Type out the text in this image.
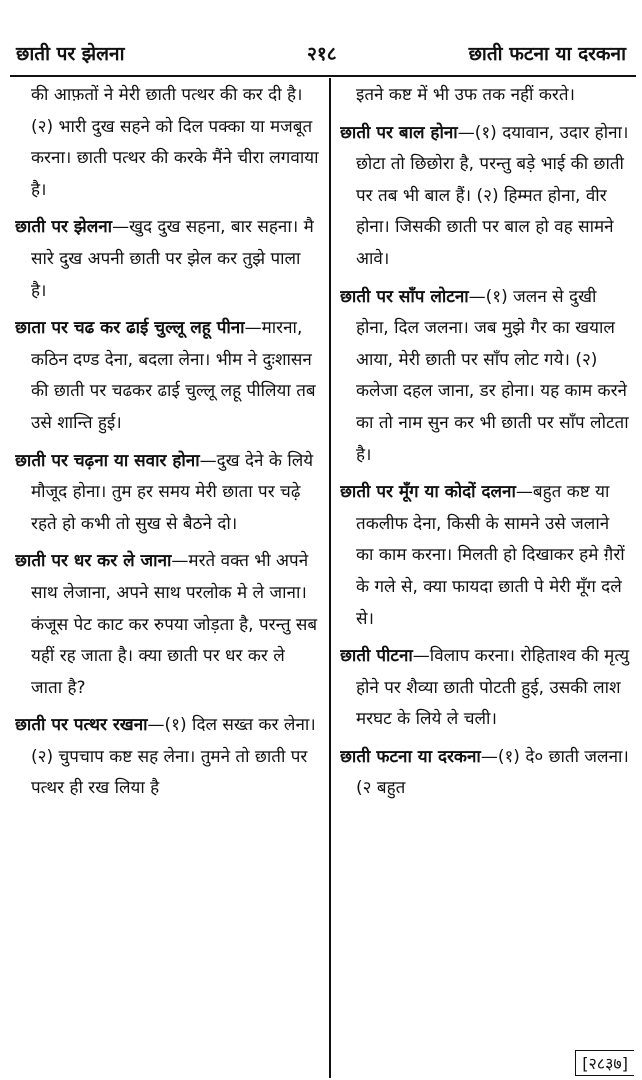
छाती पर झेलना	२१८	छाती फटना या दरकना

की आफ़तों ने मेरी छाती पत्थर की कर दी है। (२) भारी दुख सहने को दिल पक्का या मजबूत करना। छाती पत्थर की करके मैंने चीरा लगवाया है।

छाती पर झेलना—खुद दुख सहना, बार सहना। मै सारे दुख अपनी छाती पर झेल कर तुझे पाला है।

छाता पर चढ कर ढाई चुल्लू लहू पीना—मारना, कठिन दण्ड देना, बदला लेना। भीम ने दुःशासन की छाती पर चढकर ढाई चुल्लू लहू पीलिया तब उसे शान्ति हुई।

छाती पर चढ़ना या सवार होना—दुख देने के लिये मौजूद होना। तुम हर समय मेरी छाता पर चढ़े रहते हो कभी तो सुख से बैठने दो।

छाती पर धर कर ले जाना—मरते वक्त भी अपने साथ लेजाना, अपने साथ परलोक मे ले जाना। कंजूस पेट काट कर रुपया जोड़ता है, परन्तु सब यहीं रह जाता है। क्या छाती पर धर कर ले जाता है?

छाती पर पत्थर रखना—(१) दिल सख्त कर लेना। (२) चुपचाप कष्ट सह लेना। तुमने तो छाती पर पत्थर ही रख लिया है

इतने कष्ट में भी उफ तक नहीं करते।

छाती पर बाल होना—(१) दयावान, उदार होना। छोटा तो छिछोरा है, परन्तु बड़े भाई की छाती पर तब भी बाल हैं। (२) हिम्मत होना, वीर होना। जिसकी छाती पर बाल हो वह सामने आवे।

छाती पर साँप लोटना—(१) जलन से दुखी होना, दिल जलना। जब मुझे गैर का खयाल आया, मेरी छाती पर साँप लोट गये। (२) कलेजा दहल जाना, डर होना। यह काम करने का तो नाम सुन कर भी छाती पर साँप लोटता है।

छाती पर मूँग या कोदों दलना—बहुत कष्ट या तकलीफ देना, किसी के सामने उसे जलाने का काम करना। मिलती हो दिखाकर हमे ग़ैरों के गले से, क्या फायदा छाती पे मेरी मूँग दले से।

छाती पीटना—विलाप करना। रोहिताश्व की मृत्यु होने पर शैव्या छाती पोटती हुई, उसकी लाश मरघट के लिये ले चली।

छाती फटना या दरकना—(१) दे० छाती जलना। (२ बहुत

[२८३७]
